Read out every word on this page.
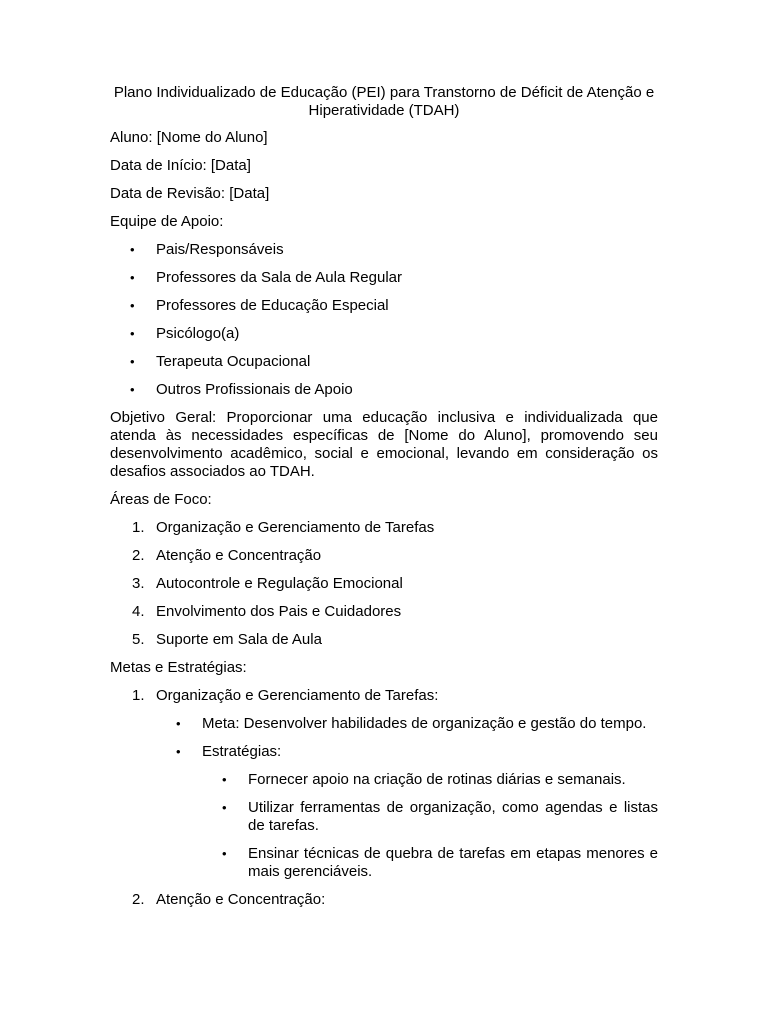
Plano Individualizado de Educação (PEI) para Transtorno de Déficit de Atenção e Hiperatividade (TDAH)
Aluno: [Nome do Aluno]
Data de Início: [Data]
Data de Revisão: [Data]
Equipe de Apoio:
• Pais/Responsáveis
• Professores da Sala de Aula Regular
• Professores de Educação Especial
• Psicólogo(a)
• Terapeuta Ocupacional
• Outros Profissionais de Apoio
Objetivo Geral: Proporcionar uma educação inclusiva e individualizada que atenda às necessidades específicas de [Nome do Aluno], promovendo seu desenvolvimento acadêmico, social e emocional, levando em consideração os desafios associados ao TDAH.
Áreas de Foco:
1. Organização e Gerenciamento de Tarefas
2. Atenção e Concentração
3. Autocontrole e Regulação Emocional
4. Envolvimento dos Pais e Cuidadores
5. Suporte em Sala de Aula
Metas e Estratégias:
1. Organização e Gerenciamento de Tarefas:
• Meta: Desenvolver habilidades de organização e gestão do tempo.
• Estratégias:
• Fornecer apoio na criação de rotinas diárias e semanais.
• Utilizar ferramentas de organização, como agendas e listas de tarefas.
• Ensinar técnicas de quebra de tarefas em etapas menores e mais gerenciáveis.
2. Atenção e Concentração:
